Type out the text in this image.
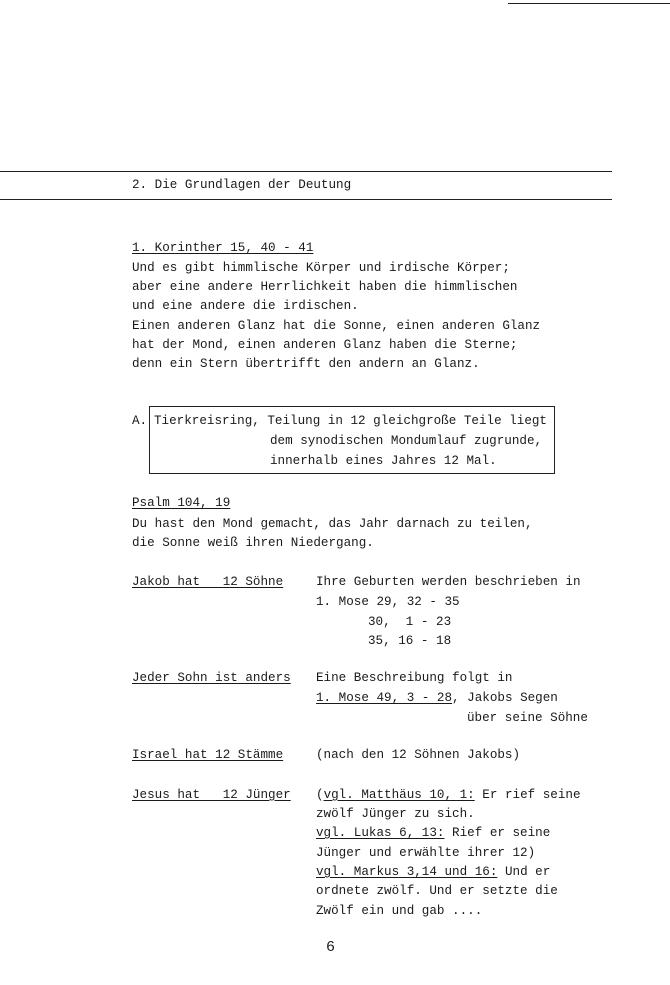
2. Die Grundlagen der Deutung
1. Korinther 15, 40 - 41
Und es gibt himmlische Körper und irdische Körper;
aber eine andere Herrlichkeit haben die himmlischen
und eine andere die irdischen.
Einen anderen Glanz hat die Sonne, einen anderen Glanz
hat der Mond, einen anderen Glanz haben die Sterne;
denn ein Stern übertrifft den andern an Glanz.
A. Tierkreisring, Teilung in 12 gleichgroße Teile liegt
dem synodischen Mondumlauf zugrunde,
innerhalb eines Jahres 12 Mal.
Psalm 104, 19
Du hast den Mond gemacht, das Jahr darnach zu teilen,
die Sonne weiß ihren Niedergang.
Jakob hat   12 Söhne	Ihre Geburten werden beschrieben in
1. Mose 29, 32 - 35
30,  1 - 23
35, 16 - 18
Jeder Sohn ist anders Eine Beschreibung folgt in
1. Mose 49, 3 - 28, Jakobs Segen
über seine Söhne
Israel hat 12 Stämme	(nach den 12 Söhnen Jakobs)
Jesus hat   12 Jünger (vgl. Matthäus 10, 1: Er rief seine
zwölf Jünger zu sich.
vgl. Lukas 6, 13: Rief er seine
Jünger und erwählte ihrer 12)
vgl. Markus 3,14 und 16: Und er
ordnete zwölf. Und er setzte die
Zwölf ein und gab ....
6
